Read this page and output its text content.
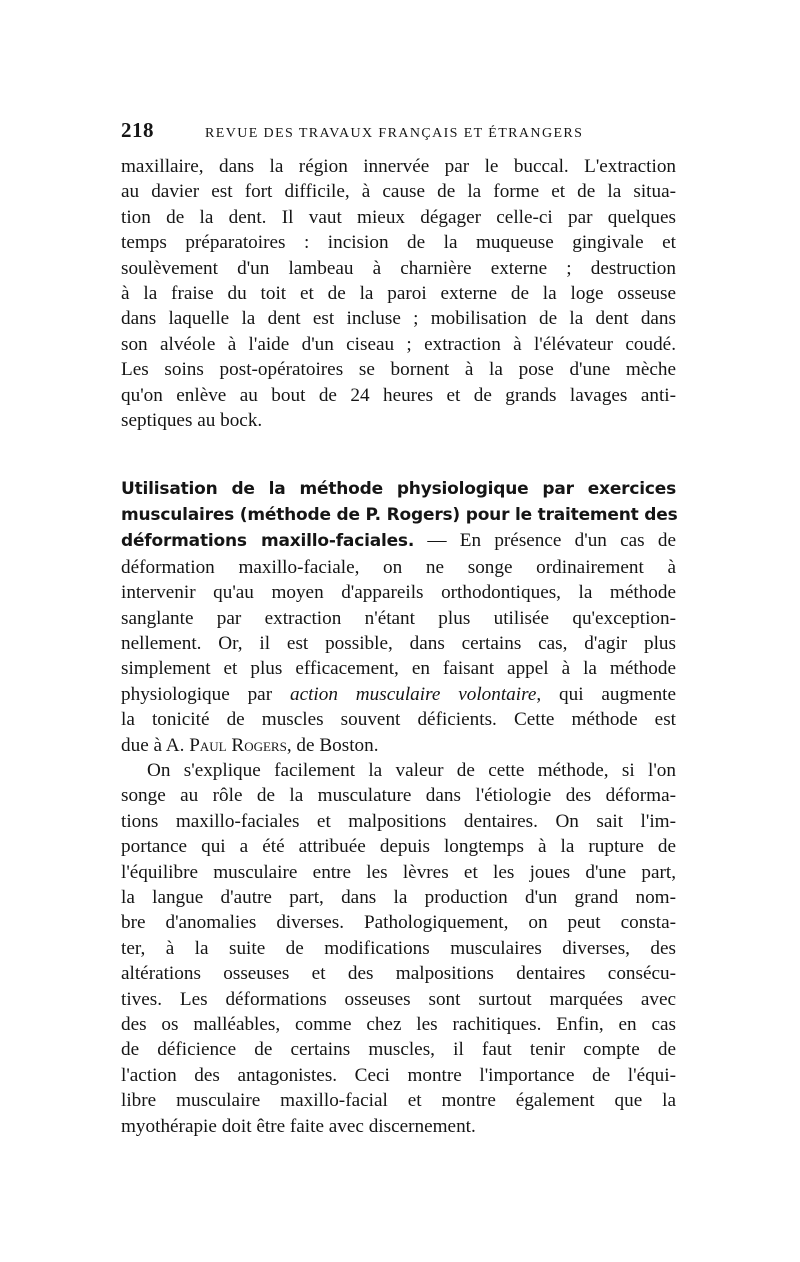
218	REVUE DES TRAVAUX FRANÇAIS ET ÉTRANGERS
maxillaire, dans la région innervée par le buccal. L'extraction
au davier est fort difficile, à cause de la forme et de la situa-
tion de la dent. Il vaut mieux dégager celle-ci par quelques
temps préparatoires : incision de la muqueuse gingivale et
soulèvement d'un lambeau à charnière externe ; destruction
à la fraise du toit et de la paroi externe de la loge osseuse
dans laquelle la dent est incluse ; mobilisation de la dent dans
son alvéole à l'aide d'un ciseau ; extraction à l'élévateur coudé.
Les soins post-opératoires se bornent à la pose d'une mèche
qu'on enlève au bout de 24 heures et de grands lavages anti-
septiques au bock.
Utilisation de la méthode physiologique par exercices
musculaires (méthode de P. Rogers) pour le traitement des
déformations maxillo-faciales. — En présence d'un cas de
déformation maxillo-faciale, on ne songe ordinairement à
intervenir qu'au moyen d'appareils orthodontiques, la méthode
sanglante par extraction n'étant plus utilisée qu'exception-
nellement. Or, il est possible, dans certains cas, d'agir plus
simplement et plus efficacement, en faisant appel à la méthode
physiologique par action musculaire volontaire, qui augmente
la tonicité de muscles souvent déficients. Cette méthode est
due à A. Paul Rogers, de Boston.
On s'explique facilement la valeur de cette méthode, si l'on
songe au rôle de la musculature dans l'étiologie des déforma-
tions maxillo-faciales et malpositions dentaires. On sait l'im-
portance qui a été attribuée depuis longtemps à la rupture de
l'équilibre musculaire entre les lèvres et les joues d'une part,
la langue d'autre part, dans la production d'un grand nom-
bre d'anomalies diverses. Pathologiquement, on peut consta-
ter, à la suite de modifications musculaires diverses, des
altérations osseuses et des malpositions dentaires consécu-
tives. Les déformations osseuses sont surtout marquées avec
des os malléables, comme chez les rachitiques. Enfin, en cas
de déficience de certains muscles, il faut tenir compte de
l'action des antagonistes. Ceci montre l'importance de l'équi-
libre musculaire maxillo-facial et montre également que la
myothérapie doit être faite avec discernement.
